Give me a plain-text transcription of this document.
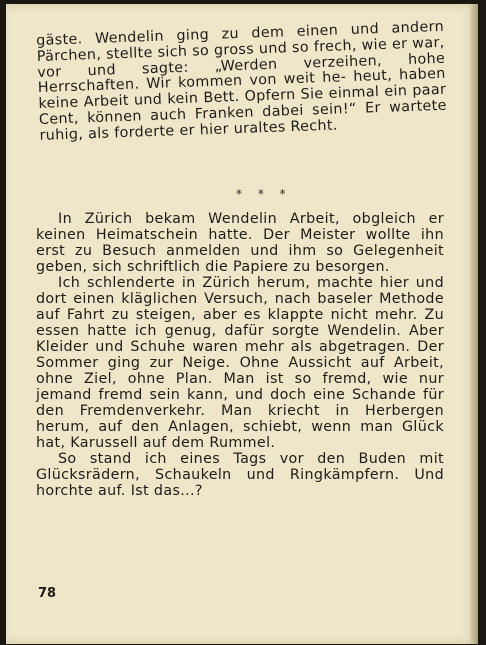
gäste. Wendelin ging zu dem einen und andern Pärchen, stellte sich so gross und so frech, wie er war, vor und sagte: „Werden verzeihen, hohe Herrschaften. Wir kommen von weit he- heut, haben keine Arbeit und kein Bett. Opfern Sie einmal ein paar Cent, können auch Franken dabei sein!“ Er wartete ruhig, als forderte er hier uraltes Recht.

* * *

In Zürich bekam Wendelin Arbeit, obgleich er keinen Heimatschein hatte. Der Meister wollte ihn erst zu Besuch anmelden und ihm so Gelegenheit geben, sich schriftlich die Papiere zu besorgen.

Ich schlenderte in Zürich herum, machte hier und dort einen kläglichen Versuch, nach baseler Methode auf Fahrt zu steigen, aber es klappte nicht mehr. Zu essen hatte ich genug, dafür sorgte Wendelin. Aber Kleider und Schuhe waren mehr als abgetragen. Der Sommer ging zur Neige. Ohne Aussicht auf Arbeit, ohne Ziel, ohne Plan. Man ist so fremd, wie nur jemand fremd sein kann, und doch eine Schande für den Fremdenverkehr. Man kriecht in Herbergen herum, auf den Anlagen, schiebt, wenn man Glück hat, Karussell auf dem Rummel.

So stand ich eines Tags vor den Buden mit Glücksrädern, Schaukeln und Ringkämpfern. Und horchte auf. Ist das...?

78
